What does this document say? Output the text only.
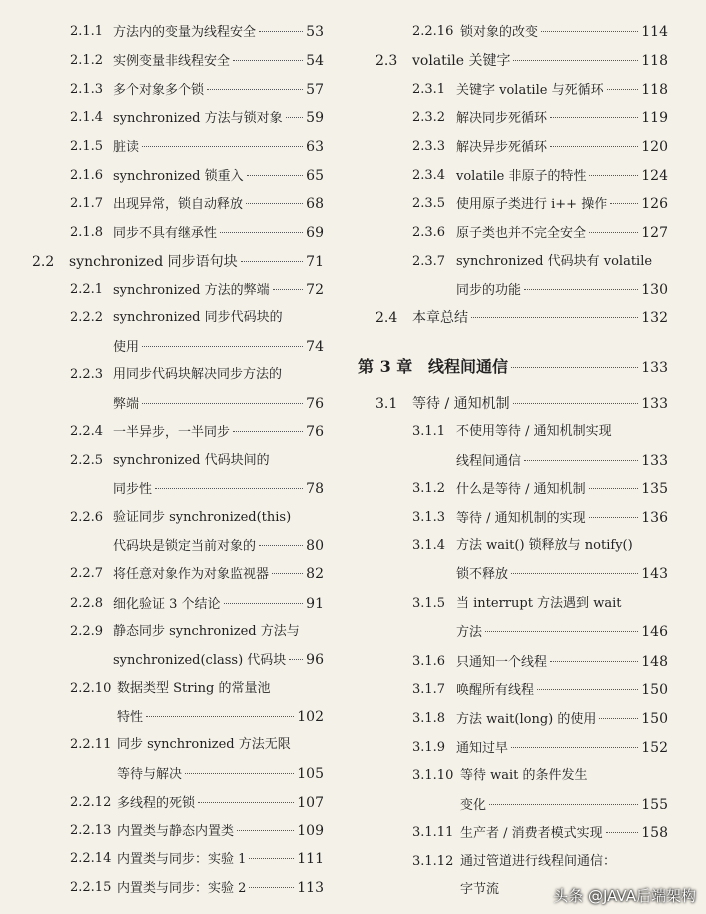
2.1.1 方法内的变量为线程安全	53
2.1.2 实例变量非线程安全	54
2.1.3 多个对象多个锁	57
2.1.4 synchronized 方法与锁对象 59
2.1.5 脏读	63
2.1.6 synchronized 锁重入	65
2.1.7 出现异常，锁自动释放	68
2.1.8 同步不具有继承性	69
2.2 synchronized 同步语句块	71
2.2.1 synchronized 方法的弊端	72
2.2.2 synchronized 同步代码块的
使用	74
2.2.3 用同步代码块解决同步方法的
弊端	76
2.2.4 一半异步，一半同步	76
2.2.5 synchronized 代码块间的
同步性	78
2.2.6 验证同步 synchronized(this)
代码块是锁定当前对象的	80
2.2.7 将任意对象作为对象监视器	82
2.2.8 细化验证 3 个结论	91
2.2.9 静态同步 synchronized 方法与
synchronized(class) 代码块 96
2.2.10 数据类型 String 的常量池
特性	102
2.2.11 同步 synchronized 方法无限
等待与解决	105
2.2.12 多线程的死锁	107
2.2.13 内置类与静态内置类	109
2.2.14 内置类与同步：实验 1	111
2.2.15 内置类与同步：实验 2	113
2.2.16 锁对象的改变	114
2.3 volatile 关键字	118
2.3.1 关键字 volatile 与死循环	118
2.3.2 解决同步死循环	119
2.3.3 解决异步死循环	120
2.3.4 volatile 非原子的特性	124
2.3.5 使用原子类进行 i++ 操作 126
2.3.6 原子类也并不完全安全	127
2.3.7 synchronized 代码块有 volatile
同步的功能	130
2.4 本章总结	132
第 3 章 线程间通信	133
3.1 等待 / 通知机制	133
3.1.1 不使用等待 / 通知机制实现
线程间通信	133
3.1.2 什么是等待 / 通知机制	135
3.1.3 等待 / 通知机制的实现	136
3.1.4 方法 wait() 锁释放与 notify()
锁不释放	143
3.1.5 当 interrupt 方法遇到 wait
方法	146
3.1.6 只通知一个线程	148
3.1.7 唤醒所有线程	150
3.1.8 方法 wait(long) 的使用	150
3.1.9 通知过早	152
3.1.10 等待 wait 的条件发生
变化	155
3.1.11 生产者 / 消费者模式实现	158
3.1.12 通过管道进行线程间通信：
字节流	头条 @JAVA后端架构
